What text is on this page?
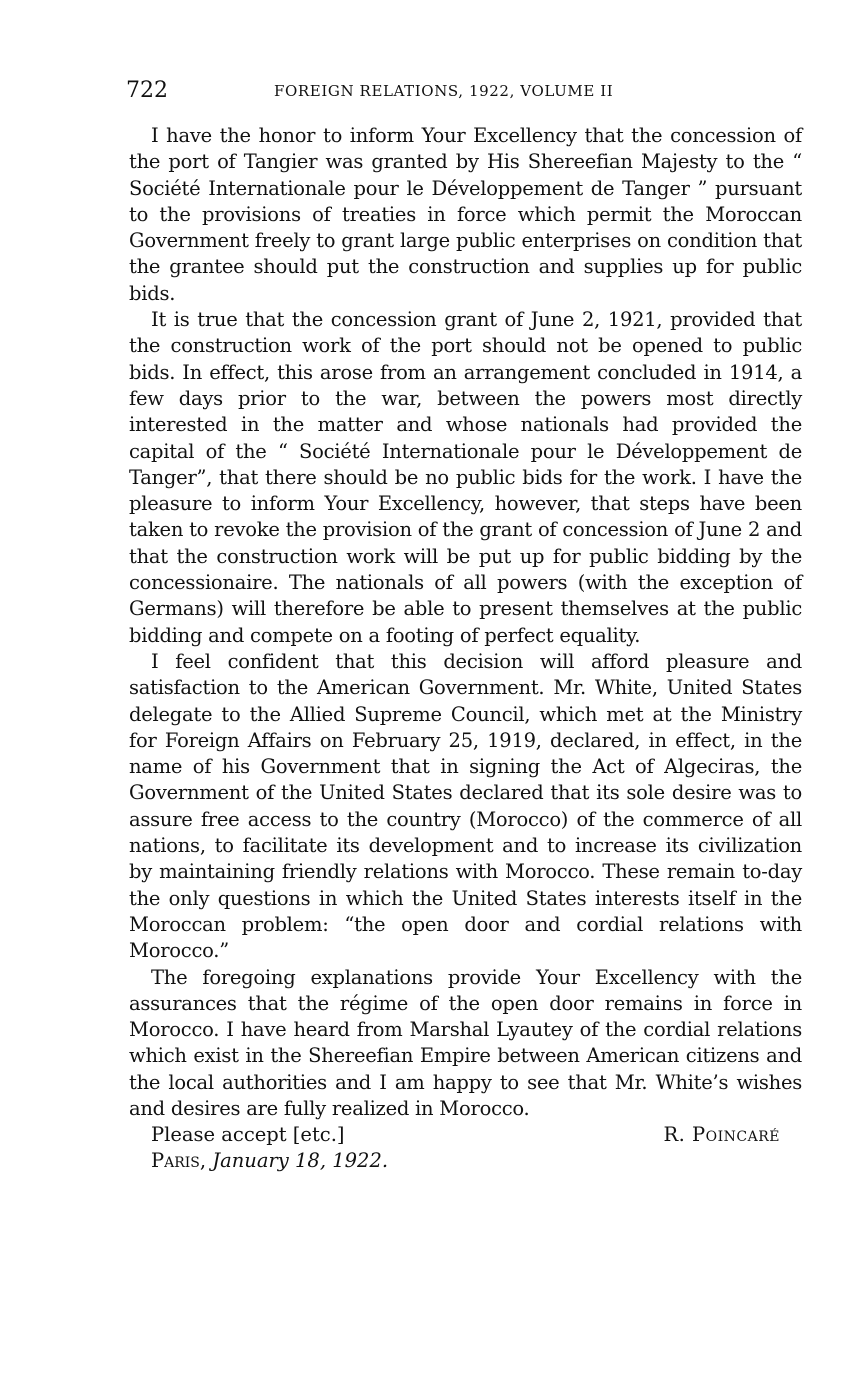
722	FOREIGN RELATIONS, 1922, VOLUME II

I have the honor to inform Your Excellency that the concession of the port of Tangier was granted by His Shereefian Majesty to the “ Société Internationale pour le Développement de Tanger ” pursuant to the provisions of treaties in force which permit the Moroccan Government freely to grant large public enterprises on condition that the grantee should put the construction and supplies up for public bids.

It is true that the concession grant of June 2, 1921, provided that the construction work of the port should not be opened to public bids. In effect, this arose from an arrangement concluded in 1914, a few days prior to the war, between the powers most directly interested in the matter and whose nationals had provided the capital of the “ Société Internationale pour le Développement de Tanger”, that there should be no public bids for the work. I have the pleasure to inform Your Excellency, however, that steps have been taken to revoke the provision of the grant of concession of June 2 and that the construction work will be put up for public bidding by the concessionaire. The nationals of all powers (with the exception of Germans) will therefore be able to present themselves at the public bidding and compete on a footing of perfect equality.

I feel confident that this decision will afford pleasure and satisfaction to the American Government. Mr. White, United States delegate to the Allied Supreme Council, which met at the Ministry for Foreign Affairs on February 25, 1919, declared, in effect, in the name of his Government that in signing the Act of Algeciras, the Government of the United States declared that its sole desire was to assure free access to the country (Morocco) of the commerce of all nations, to facilitate its development and to increase its civilization by maintaining friendly relations with Morocco. These remain to-day the only questions in which the United States interests itself in the Moroccan problem: “the open door and cordial relations with Morocco.”

The foregoing explanations provide Your Excellency with the assurances that the régime of the open door remains in force in Morocco. I have heard from Marshal Lyautey of the cordial relations which exist in the Shereefian Empire between American citizens and the local authorities and I am happy to see that Mr. White’s wishes and desires are fully realized in Morocco.

Please accept [etc.]	R. Poincaré
Paris, January 18, 1922.
